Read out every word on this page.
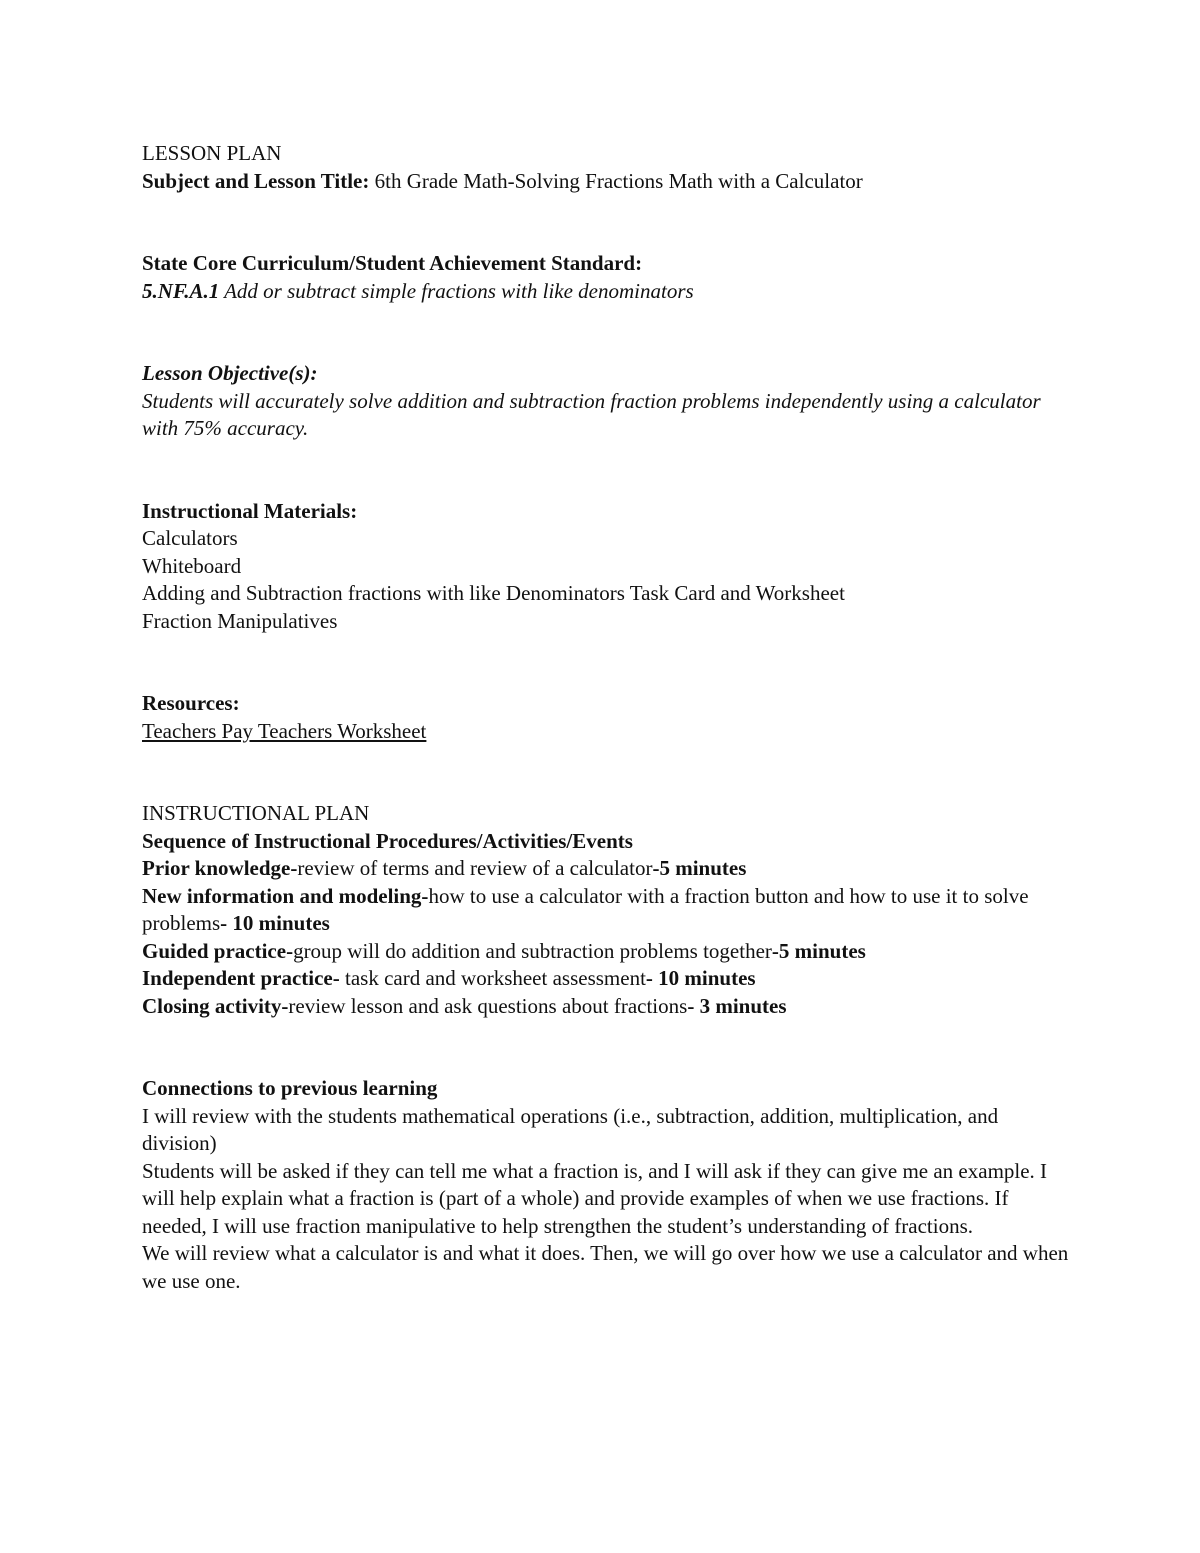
LESSON PLAN
Subject and Lesson Title: 6th Grade Math-Solving Fractions Math with a Calculator
State Core Curriculum/Student Achievement Standard:
5.NF.A.1 Add or subtract simple fractions with like denominators
Lesson Objective(s):
Students will accurately solve addition and subtraction fraction problems independently using a calculator with 75% accuracy.
Instructional Materials:
Calculators
Whiteboard
Adding and Subtraction fractions with like Denominators Task Card and Worksheet
Fraction Manipulatives
Resources:
Teachers Pay Teachers Worksheet
INSTRUCTIONAL PLAN
Sequence of Instructional Procedures/Activities/Events
Prior knowledge-review of terms and review of a calculator-5 minutes
New information and modeling-how to use a calculator with a fraction button and how to use it to solve problems- 10 minutes
Guided practice-group will do addition and subtraction problems together-5 minutes
Independent practice- task card and worksheet assessment- 10 minutes
Closing activity-review lesson and ask questions about fractions- 3 minutes
Connections to previous learning
I will review with the students mathematical operations (i.e., subtraction, addition, multiplication, and division)
Students will be asked if they can tell me what a fraction is, and I will ask if they can give me an example. I will help explain what a fraction is (part of a whole) and provide examples of when we use fractions. If needed, I will use fraction manipulative to help strengthen the student’s understanding of fractions.
We will review what a calculator is and what it does. Then, we will go over how we use a calculator and when we use one.
